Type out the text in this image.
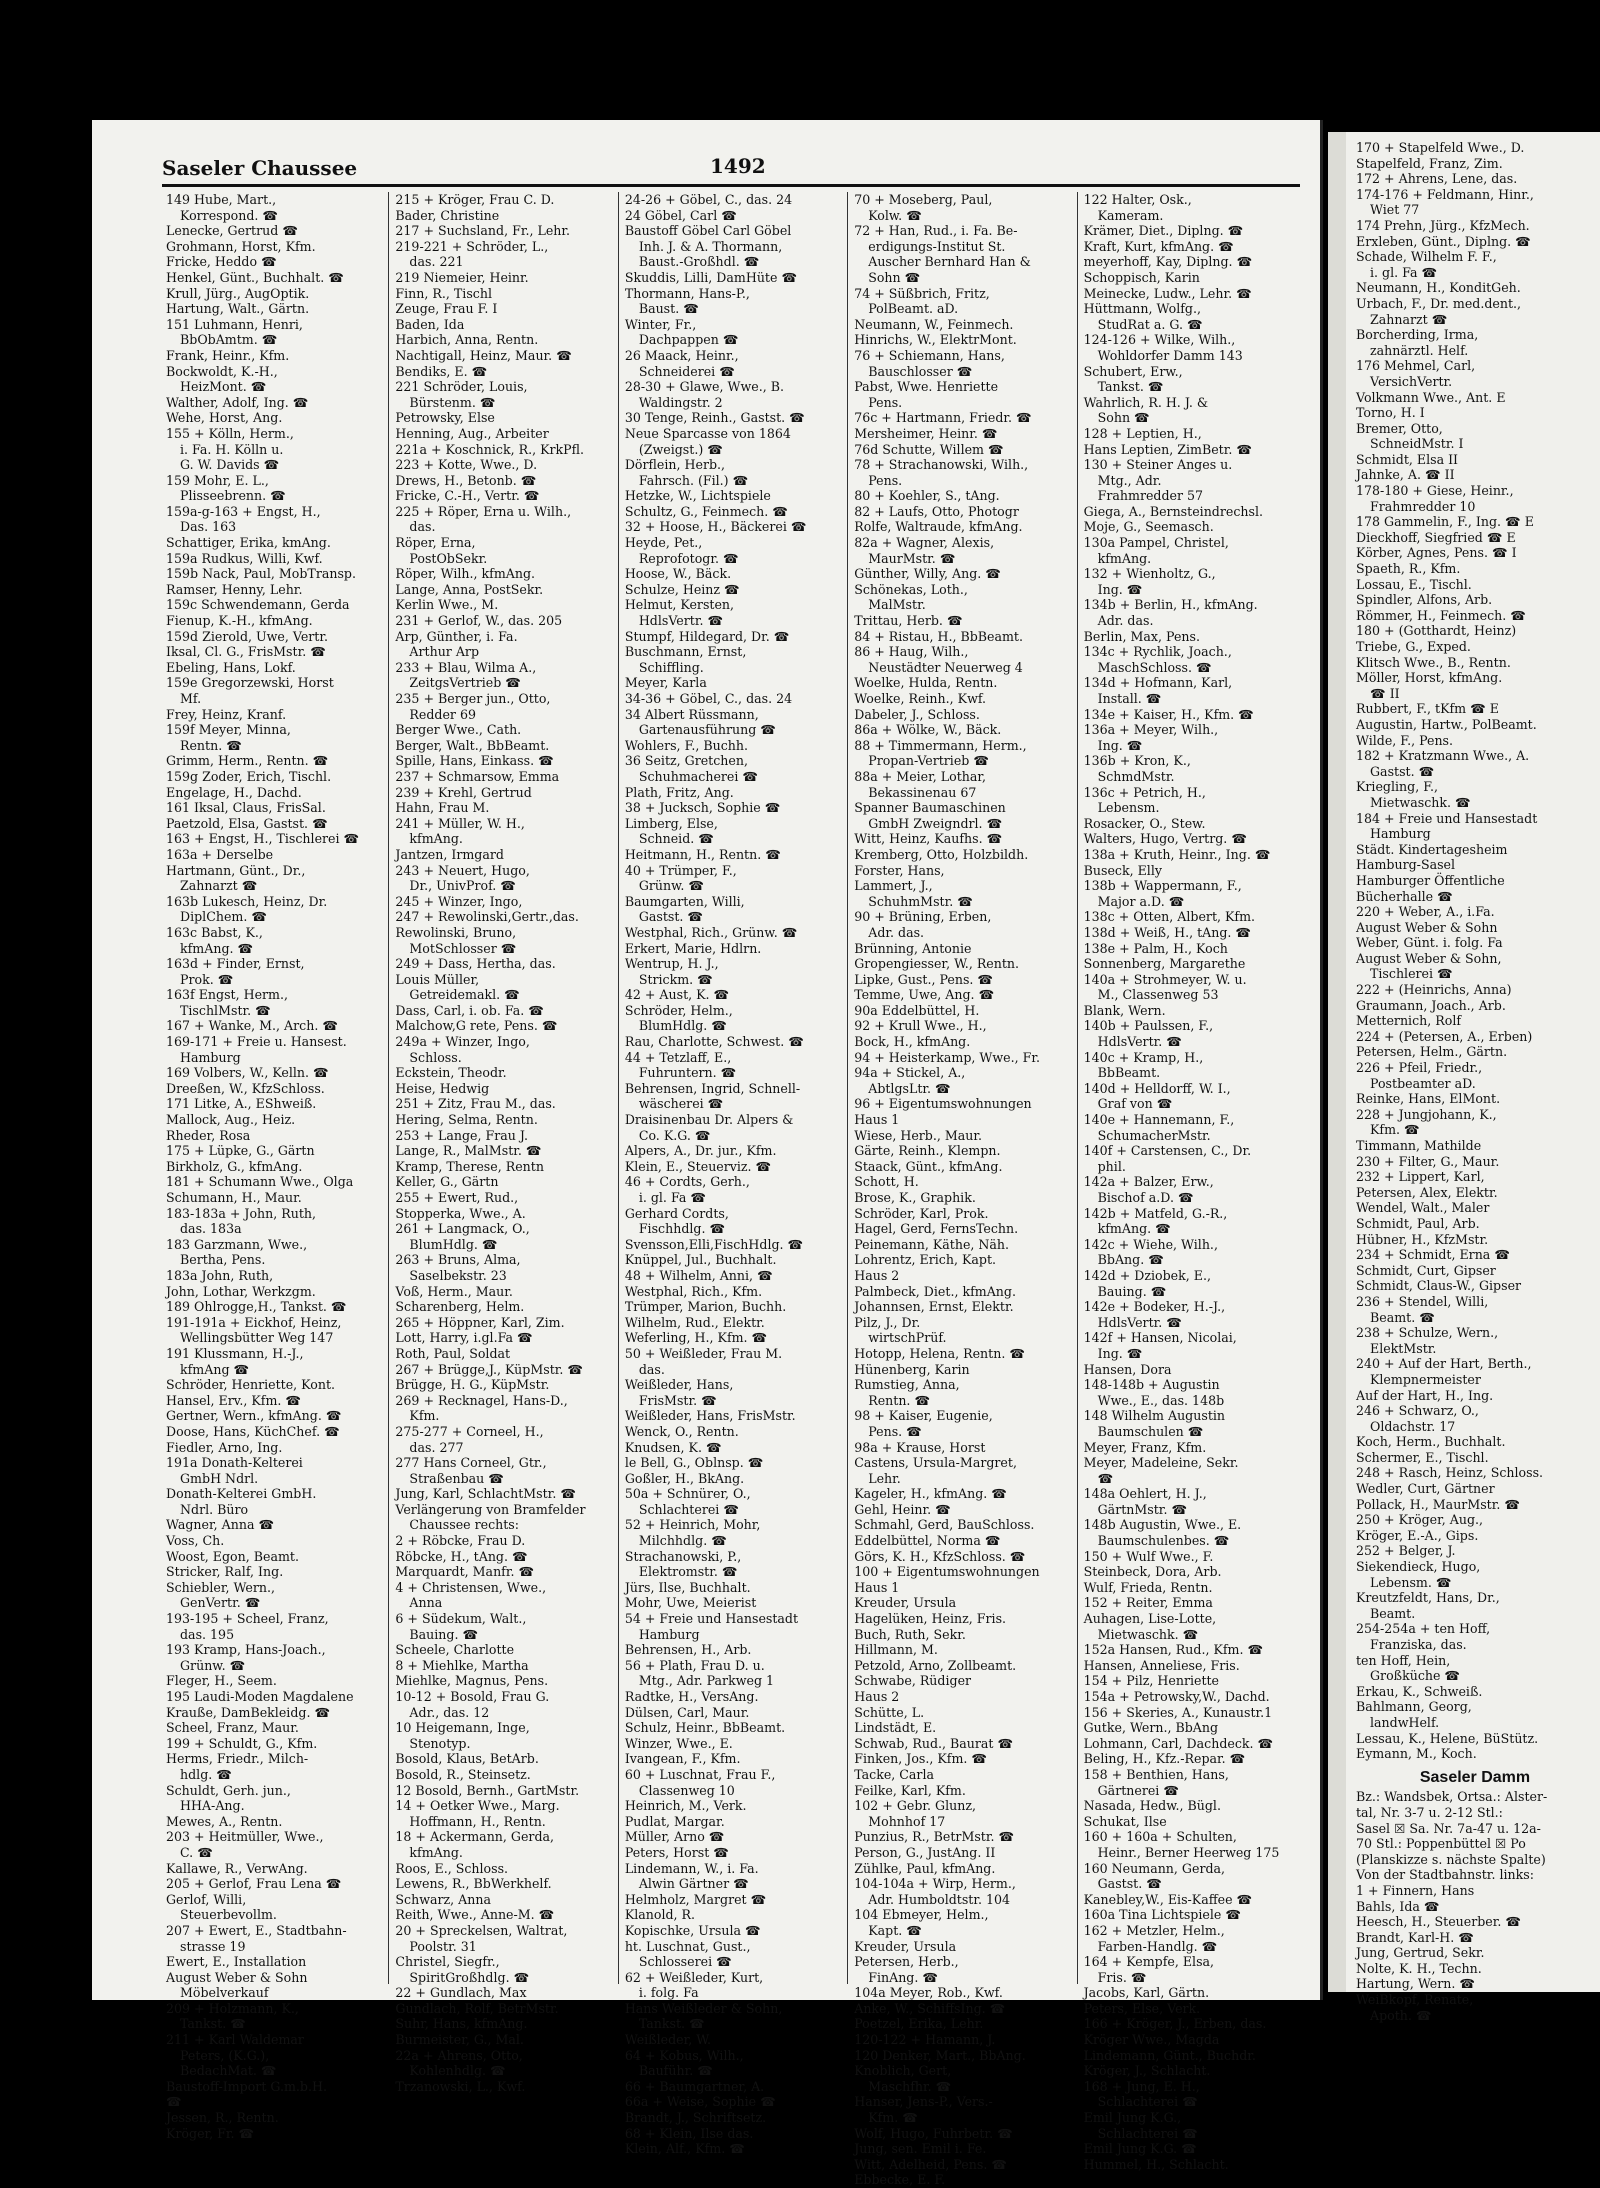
Saseler Chaussee	1492
149 Hube, Mart.,
Korrespond. ☎
Lenecke, Gertrud ☎
Grohmann, Horst, Kfm.
Fricke, Heddo ☎
Henkel, Günt., Buchhalt. ☎
Krull, Jürg., AugOptik.
Hartung, Walt., Gärtn.
151 Luhmann, Henri,
BbObAmtm. ☎
Frank, Heinr., Kfm.
Bockwoldt, K.-H.,
HeizMont. ☎
Walther, Adolf, Ing. ☎
Wehe, Horst, Ang.
155 + Kölln, Herm.,
i. Fa. H. Kölln u.
G. W. Davids ☎
159 Mohr, E. L.,
Plisseebrenn. ☎
159a-g-163 + Engst, H.,
Das. 163
Schattiger, Erika, kmAng.
159a Rudkus, Willi, Kwf.
159b Nack, Paul, MobTransp.
Ramser, Henny, Lehr.
159c Schwendemann, Gerda
Fienup, K.-H., kfmAng.
159d Zierold, Uwe, Vertr.
Iksal, Cl. G., FrisMstr. ☎
Ebeling, Hans, Lokf.
159e Gregorzewski, Horst
Mf.
Frey, Heinz, Kranf.
159f Meyer, Minna,
Rentn. ☎
Grimm, Herm., Rentn. ☎
159g Zoder, Erich, Tischl.
Engelage, H., Dachd.
161 Iksal, Claus, FrisSal.
Paetzold, Elsa, Gastst. ☎
163 + Engst, H., Tischlerei ☎
163a + Derselbe
Hartmann, Günt., Dr.,
Zahnarzt ☎
163b Lukesch, Heinz, Dr.
DiplChem. ☎
163c Babst, K.,
kfmAng. ☎
163d + Finder, Ernst,
Prok. ☎
163f Engst, Herm.,
TischlMstr. ☎
167 + Wanke, M., Arch. ☎
169-171 + Freie u. Hansest.
Hamburg
169 Volbers, W., Kelln. ☎
Dreeßen, W., KfzSchloss.
171 Litke, A., EShweiß.
Mallock, Aug., Heiz.
Rheder, Rosa
175 + Lüpke, G., Gärtn
Birkholz, G., kfmAng.
181 + Schumann Wwe., Olga
Schumann, H., Maur.
183-183a + John, Ruth,
das. 183a
183 Garzmann, Wwe.,
Bertha, Pens.
183a John, Ruth,
John, Lothar, Werkzgm.
189 Ohlrogge,H., Tankst. ☎
191-191a + Eickhof, Heinz,
Wellingsbütter Weg 147
191 Klussmann, H.-J.,
kfmAng ☎
Schröder, Henriette, Kont.
Hansel, Erv., Kfm. ☎
Gertner, Wern., kfmAng. ☎
Doose, Hans, KüchChef. ☎
Fiedler, Arno, Ing.
191a Donath-Kelterei
GmbH Ndrl.
Donath-Kelterei GmbH.
Ndrl. Büro
Wagner, Anna ☎
Voss, Ch.
Woost, Egon, Beamt.
Stricker, Ralf, Ing.
Schiebler, Wern.,
GenVertr. ☎
193-195 + Scheel, Franz,
das. 195
193 Kramp, Hans-Joach.,
Grünw. ☎
Fleger, H., Seem.
195 Laudi-Moden Magdalene
Krauße, DamBekleidg. ☎
Scheel, Franz, Maur.
199 + Schuldt, G., Kfm.
Herms, Friedr., Milch-
hdlg. ☎
Schuldt, Gerh. jun.,
HHA-Ang.
Mewes, A., Rentn.
203 + Heitmüller, Wwe.,
C. ☎
Kallawe, R., VerwAng.
205 + Gerlof, Frau Lena ☎
Gerlof, Willi,
Steuerbevollm.
207 + Ewert, E., Stadtbahn-
strasse 19
Ewert, E., Installation
August Weber & Sohn
Möbelverkauf
209 + Holzmann, K.,
Tankst. ☎
211 + Karl Waldemar
Peters, (K.G.),
BedachMat. ☎
Baustoff-Import G.m.b.H.
☎
Jessen, R., Rentn.
Kröger, Fr. ☎
215 + Kröger, Frau C. D.
Bader, Christine
217 + Suchsland, Fr., Lehr.
219-221 + Schröder, L.,
das. 221
219 Niemeier, Heinr.
Finn, R., Tischl
Zeuge, Frau F. I
Baden, Ida
Harbich, Anna, Rentn.
Nachtigall, Heinz, Maur. ☎
Bendiks, E. ☎
221 Schröder, Louis,
Bürstenm. ☎
Petrowsky, Else
Henning, Aug., Arbeiter
221a + Koschnick, R., KrkPfl.
223 + Kotte, Wwe., D.
Drews, H., Betonb. ☎
Fricke, C.-H., Vertr. ☎
225 + Röper, Erna u. Wilh.,
das.
Röper, Erna,
PostObSekr.
Röper, Wilh., kfmAng.
Lange, Anna, PostSekr.
Kerlin Wwe., M.
231 + Gerlof, W., das. 205
Arp, Günther, i. Fa.
Arthur Arp
233 + Blau, Wilma A.,
ZeitgsVertrieb ☎
235 + Berger jun., Otto,
Redder 69
Berger Wwe., Cath.
Berger, Walt., BbBeamt.
Spille, Hans, Einkass. ☎
237 + Schmarsow, Emma
239 + Krehl, Gertrud
Hahn, Frau M.
241 + Müller, W. H.,
kfmAng.
Jantzen, Irmgard
243 + Neuert, Hugo,
Dr., UnivProf. ☎
245 + Winzer, Ingo,
247 + Rewolinski,Gertr.,das.
Rewolinski, Bruno,
MotSchlosser ☎
249 + Dass, Hertha, das.
Louis Müller,
Getreidemakl. ☎
Dass, Carl, i. ob. Fa. ☎
Malchow,G rete, Pens. ☎
249a + Winzer, Ingo,
Schloss.
Eckstein, Theodr.
Heise, Hedwig
251 + Zitz, Frau M., das.
Hering, Selma, Rentn.
253 + Lange, Frau J.
Lange, R., MalMstr. ☎
Kramp, Therese, Rentn
Keller, G., Gärtn
255 + Ewert, Rud.,
Stopperka, Wwe., A.
261 + Langmack, O.,
BlumHdlg. ☎
263 + Bruns, Alma,
Saselbekstr. 23
Voß, Herm., Maur.
Scharenberg, Helm.
265 + Höppner, Karl, Zim.
Lott, Harry, i.gl.Fa ☎
Roth, Paul, Soldat
267 + Brügge,J., KüpMstr. ☎
Brügge, H. G., KüpMstr.
269 + Recknagel, Hans-D.,
Kfm.
275-277 + Corneel, H.,
das. 277
277 Hans Corneel, Gtr.,
Straßenbau ☎
Jung, Karl, SchlachtMstr. ☎
Verlängerung von Bramfelder
Chaussee rechts:
2 + Röbcke, Frau D.
Röbcke, H., tAng. ☎
Marquardt, Manfr. ☎
4 + Christensen, Wwe.,
Anna
6 + Südekum, Walt.,
Bauing. ☎
Scheele, Charlotte
8 + Miehlke, Martha
Miehlke, Magnus, Pens.
10-12 + Bosold, Frau G.
Adr., das. 12
10 Heigemann, Inge,
Stenotyp.
Bosold, Klaus, BetArb.
Bosold, R., Steinsetz.
12 Bosold, Bernh., GartMstr.
14 + Oetker Wwe., Marg.
Hoffmann, H., Rentn.
18 + Ackermann, Gerda,
kfmAng.
Roos, E., Schloss.
Lewens, R., BbWerkhelf.
Schwarz, Anna
Reith, Wwe., Anne-M. ☎
20 + Spreckelsen, Waltrat,
Poolstr. 31
Christel, Siegfr.,
SpiritGroßhdlg. ☎
22 + Gundlach, Max
Gundlach, Rolf, BetrMstr.
Suhr, Hans, kfmAng.
Burmeister, G., Mal.
22a + Ahrens, Otto,
Kohlenhdlg. ☎
Trzanowski, L., Kwf.
24-26 + Göbel, C., das. 24
24 Göbel, Carl ☎
Baustoff Göbel Carl Göbel
Inh. J. & A. Thormann,
Baust.-Großhdl. ☎
Skuddis, Lilli, DamHüte ☎
Thormann, Hans-P.,
Baust. ☎
Winter, Fr.,
Dachpappen ☎
26 Maack, Heinr.,
Schneiderei ☎
28-30 + Glawe, Wwe., B.
Waldingstr. 2
30 Tenge, Reinh., Gastst. ☎
Neue Sparcasse von 1864
(Zweigst.) ☎
Dörflein, Herb.,
Fahrsch. (Fil.) ☎
Hetzke, W., Lichtspiele
Schultz, G., Feinmech. ☎
32 + Hoose, H., Bäckerei ☎
Heyde, Pet.,
Reprofotogr. ☎
Hoose, W., Bäck.
Schulze, Heinz ☎
Helmut, Kersten,
HdlsVertr. ☎
Stumpf, Hildegard, Dr. ☎
Buschmann, Ernst,
Schiffling.
Meyer, Karla
34-36 + Göbel, C., das. 24
34 Albert Rüssmann,
Gartenausführung ☎
Wohlers, F., Buchh.
36 Seitz, Gretchen,
Schuhmacherei ☎
Plath, Fritz, Ang.
38 + Jucksch, Sophie ☎
Limberg, Else,
Schneid. ☎
Heitmann, H., Rentn. ☎
40 + Trümper, F.,
Grünw. ☎
Baumgarten, Willi,
Gastst. ☎
Westphal, Rich., Grünw. ☎
Erkert, Marie, Hdlrn.
Wentrup, H. J.,
Strickm. ☎
42 + Aust, K. ☎
Schröder, Helm.,
BlumHdlg. ☎
Rau, Charlotte, Schwest. ☎
44 + Tetzlaff, E.,
Fuhruntern. ☎
Behrensen, Ingrid, Schnell-
wäscherei ☎
Draisinenbau Dr. Alpers &
Co. K.G. ☎
Alpers, A., Dr. jur., Kfm.
Klein, E., Steuerviz. ☎
46 + Cordts, Gerh.,
i. gl. Fa ☎
Gerhard Cordts,
Fischhdlg. ☎
Svensson,Elli,FischHdlg. ☎
Knüppel, Jul., Buchhalt.
48 + Wilhelm, Anni, ☎
Westphal, Rich., Kfm.
Trümper, Marion, Buchh.
Wilhelm, Rud., Elektr.
Weferling, H., Kfm. ☎
50 + Weißleder, Frau M.
das.
Weißleder, Hans,
FrisMstr. ☎
Weißleder, Hans, FrisMstr.
Wenck, O., Rentn.
Knudsen, K. ☎
le Bell, G., Oblnsp. ☎
Goßler, H., BkAng.
50a + Schnürer, O.,
Schlachterei ☎
52 + Heinrich, Mohr,
Milchhdlg. ☎
Strachanowski, P.,
Elektromstr. ☎
Jürs, Ilse, Buchhalt.
Mohr, Uwe, Meierist
54 + Freie und Hansestadt
Hamburg
Behrensen, H., Arb.
56 + Plath, Frau D. u.
Mtg., Adr. Parkweg 1
Radtke, H., VersAng.
Dülsen, Carl, Maur.
Schulz, Heinr., BbBeamt.
Winzer, Wwe., E.
Ivangean, F., Kfm.
60 + Luschnat, Frau F.,
Classenweg 10
Heinrich, M., Verk.
Pudlat, Margar.
Müller, Arno ☎
Peters, Horst ☎
Lindemann, W., i. Fa.
Alwin Gärtner ☎
Helmholz, Margret ☎
Klanold, R.
Kopischke, Ursula ☎
ht. Luschnat, Gust.,
Schlosserei ☎
62 + Weißleder, Kurt,
i. folg. Fa
Hans Weißleder & Sohn,
Tankst. ☎
Weißleder, W.
64 + Kobus, Wilh.,
Bauführ. ☎
66 + Baumgartner, A.
66a + Weise, Sophie ☎
Brandt, J., Schriftsetz.
68 + Klein, Ilse das.
Klein, Alf., Kfm. ☎
70 + Moseberg, Paul,
Kolw. ☎
72 + Han, Rud., i. Fa. Be-
erdigungs-Institut St.
Auscher Bernhard Han &
Sohn ☎
74 + Süßbrich, Fritz,
PolBeamt. aD.
Neumann, W., Feinmech.
Hinrichs, W., ElektrMont.
76 + Schiemann, Hans,
Bauschlosser ☎
Pabst, Wwe. Henriette
Pens.
76c + Hartmann, Friedr. ☎
Mersheimer, Heinr. ☎
76d Schutte, Willem ☎
78 + Strachanowski, Wilh.,
Pens.
80 + Koehler, S., tAng.
82 + Laufs, Otto, Photogr
Rolfe, Waltraude, kfmAng.
82a + Wagner, Alexis,
MaurMstr. ☎
Günther, Willy, Ang. ☎
Schönekas, Loth.,
MalMstr.
Trittau, Herb. ☎
84 + Ristau, H., BbBeamt.
86 + Haug, Wilh.,
Neustädter Neuerweg 4
Woelke, Hulda, Rentn.
Woelke, Reinh., Kwf.
Dabeler, J., Schloss.
86a + Wölke, W., Bäck.
88 + Timmermann, Herm.,
Propan-Vertrieb ☎
88a + Meier, Lothar,
Bekassinenau 67
Spanner Baumaschinen
GmbH Zweigndrl. ☎
Witt, Heinz, Kaufhs. ☎
Kremberg, Otto, Holzbildh.
Forster, Hans,
Lammert, J.,
SchuhmMstr. ☎
90 + Brüning, Erben,
Adr. das.
Brünning, Antonie
Gropengiesser, W., Rentn.
Lipke, Gust., Pens. ☎
Temme, Uwe, Ang. ☎
90a Eddelbüttel, H.
92 + Krull Wwe., H.,
Bock, H., kfmAng.
94 + Heisterkamp, Wwe., Fr.
94a + Stickel, A.,
AbtlgsLtr. ☎
96 + Eigentumswohnungen
Haus 1
Wiese, Herb., Maur.
Gärte, Reinh., Klempn.
Staack, Günt., kfmAng.
Schott, H.
Brose, K., Graphik.
Schröder, Karl, Prok.
Hagel, Gerd, FernsTechn.
Peinemann, Käthe, Näh.
Lohrentz, Erich, Kapt.
Haus 2
Palmbeck, Diet., kfmAng.
Johannsen, Ernst, Elektr.
Pilz, J., Dr.
wirtschPrüf.
Hotopp, Helena, Rentn. ☎
Hünenberg, Karin
Rumstieg, Anna,
Rentn. ☎
98 + Kaiser, Eugenie,
Pens. ☎
98a + Krause, Horst
Castens, Ursula-Margret,
Lehr.
Kageler, H., kfmAng. ☎
Gehl, Heinr. ☎
Schmahl, Gerd, BauSchloss.
Eddelbüttel, Norma ☎
Görs, K. H., KfzSchloss. ☎
100 + Eigentumswohnungen
Haus 1
Kreuder, Ursula
Hagelüken, Heinz, Fris.
Buch, Ruth, Sekr.
Hillmann, M.
Petzold, Arno, Zollbeamt.
Schwabe, Rüdiger
Haus 2
Schütte, L.
Lindstädt, E.
Schwab, Rud., Baurat ☎
Finken, Jos., Kfm. ☎
Tacke, Carla
Feilke, Karl, Kfm.
102 + Gebr. Glunz,
Mohnhof 17
Punzius, R., BetrMstr. ☎
Person, G., JustAng. II
Zühlke, Paul, kfmAng.
104-104a + Wirp, Herm.,
Adr. Humboldtstr. 104
104 Ebmeyer, Helm.,
Kapt. ☎
Kreuder, Ursula
Petersen, Herb.,
FinAng. ☎
104a Meyer, Rob., Kwf.
Anke, W., SchiffsIng. ☎
Poetzel, Erika, Lehr.
120-122 + Hamann, J.
120 Denker, Mart., BbAng.
Knoblich, Gert,
Maschfhr. ☎
Hanser, Jens-P., Vers.-
Kfm. ☎
Wolf, Hugo, Fuhrbetr. ☎
Jung, sen. Emil i. Fe.
Witt, Adelheid, Pens. ☎
Ebbecke, E. F.
122 Halter, Osk.,
Kameram.
Krämer, Diet., Diplng. ☎
Kraft, Kurt, kfmAng. ☎
meyerhoff, Kay, Diplng. ☎
Schoppisch, Karin
Meinecke, Ludw., Lehr. ☎
Hüttmann, Wolfg.,
StudRat a. G. ☎
124-126 + Wilke, Wilh.,
Wohldorfer Damm 143
Schubert, Erw.,
Tankst. ☎
Wahrlich, R. H. J. &
Sohn ☎
128 + Leptien, H.,
Hans Leptien, ZimBetr. ☎
130 + Steiner Anges u.
Mtg., Adr.
Frahmredder 57
Giega, A., Bernsteindrechsl.
Moje, G., Seemasch.
130a Pampel, Christel,
kfmAng.
132 + Wienholtz, G.,
Ing. ☎
134b + Berlin, H., kfmAng.
Adr. das.
Berlin, Max, Pens.
134c + Rychlik, Joach.,
MaschSchloss. ☎
134d + Hofmann, Karl,
Install. ☎
134e + Kaiser, H., Kfm. ☎
136a + Meyer, Wilh.,
Ing. ☎
136b + Kron, K.,
SchmdMstr.
136c + Petrich, H.,
Lebensm.
Rosacker, O., Stew.
Walters, Hugo, Vertrg. ☎
138a + Kruth, Heinr., Ing. ☎
Buseck, Elly
138b + Wappermann, F.,
Major a.D. ☎
138c + Otten, Albert, Kfm.
138d + Weiß, H., tAng. ☎
138e + Palm, H., Koch
Sonnenberg, Margarethe
140a + Strohmeyer, W. u.
M., Classenweg 53
Blank, Wern.
140b + Paulssen, F.,
HdlsVertr. ☎
140c + Kramp, H.,
BbBeamt.
140d + Helldorff, W. I.,
Graf von ☎
140e + Hannemann, F.,
SchumacherMstr.
140f + Carstensen, C., Dr.
phil.
142a + Balzer, Erw.,
Bischof a.D. ☎
142b + Matfeld, G.-R.,
kfmAng. ☎
142c + Wiehe, Wilh.,
BbAng. ☎
142d + Dziobek, E.,
Bauing. ☎
142e + Bodeker, H.-J.,
HdlsVertr. ☎
142f + Hansen, Nicolai,
Ing. ☎
Hansen, Dora
148-148b + Augustin
Wwe., E., das. 148b
148 Wilhelm Augustin
Baumschulen ☎
Meyer, Franz, Kfm.
Meyer, Madeleine, Sekr.
☎
148a Oehlert, H. J.,
GärtnMstr. ☎
148b Augustin, Wwe., E.
Baumschulenbes. ☎
150 + Wulf Wwe., F.
Steinbeck, Dora, Arb.
Wulf, Frieda, Rentn.
152 + Reiter, Emma
Auhagen, Lise-Lotte,
Mietwaschk. ☎
152a Hansen, Rud., Kfm. ☎
Hansen, Anneliese, Fris.
154 + Pilz, Henriette
154a + Petrowsky,W., Dachd.
156 + Skeries, A., Kunaustr.1
Gutke, Wern., BbAng
Lohmann, Carl, Dachdeck. ☎
Beling, H., Kfz.-Repar. ☎
158 + Benthien, Hans,
Gärtnerei ☎
Nasada, Hedw., Bügl.
Schukat, Ilse
160 + 160a + Schulten,
Heinr., Berner Heerweg 175
160 Neumann, Gerda,
Gastst. ☎
Kanebley,W., Eis-Kaffee ☎
160a Tina Lichtspiele ☎
162 + Metzler, Helm.,
Farben-Handlg. ☎
164 + Kempfe, Elsa,
Fris. ☎
Jacobs, Karl, Gärtn.
Peters, Else, Verk.
166 + Kröger, J., Erben, das.
Kröger Wwe., Magda
Lindemann, Günt., Buchdr.
Kröger, J., Schlacht.
168 + Jung, E. H.,
Schlachterei ☎
Emil Jung K.G.,
Schlachterei ☎
Emil Jung K.G. ☎
Hummel, H., Schlacht.
170 + Stapelfeld Wwe., D.
Stapelfeld, Franz, Zim.
172 + Ahrens, Lene, das.
174-176 + Feldmann, Hinr.,
Wiet 77
174 Prehn, Jürg., KfzMech.
Erxleben, Günt., Diplng. ☎
Schade, Wilhelm F. F.,
i. gl. Fa ☎
Neumann, H., KonditGeh.
Urbach, F., Dr. med.dent.,
Zahnarzt ☎
Borcherding, Irma,
zahnärztl. Helf.
176 Mehmel, Carl,
VersichVertr.
Volkmann Wwe., Ant. E
Torno, H. I
Bremer, Otto,
SchneidMstr. I
Schmidt, Elsa II
Jahnke, A. ☎ II
178-180 + Giese, Heinr.,
Frahmredder 10
178 Gammelin, F., Ing. ☎ E
Dieckhoff, Siegfried ☎ E
Körber, Agnes, Pens. ☎ I
Spaeth, R., Kfm.
Lossau, E., Tischl.
Spindler, Alfons, Arb.
Römmer, H., Feinmech. ☎
180 + (Gotthardt, Heinz)
Triebe, G., Exped.
Klitsch Wwe., B., Rentn.
Möller, Horst, kfmAng.
☎ II
Rubbert, F., tKfm ☎ E
Augustin, Hartw., PolBeamt.
Wilde, F., Pens.
182 + Kratzmann Wwe., A.
Gastst. ☎
Kriegling, F.,
Mietwaschk. ☎
184 + Freie und Hansestadt
Hamburg
Städt. Kindertagesheim
Hamburg-Sasel
Hamburger Öffentliche
Bücherhalle ☎
220 + Weber, A., i.Fa.
August Weber & Sohn
Weber, Günt. i. folg. Fa
August Weber & Sohn,
Tischlerei ☎
222 + (Heinrichs, Anna)
Graumann, Joach., Arb.
Metternich, Rolf
224 + (Petersen, A., Erben)
Petersen, Helm., Gärtn.
226 + Pfeil, Friedr.,
Postbeamter aD.
Reinke, Hans, ElMont.
228 + Jungjohann, K.,
Kfm. ☎
Timmann, Mathilde
230 + Filter, G., Maur.
232 + Lippert, Karl,
Petersen, Alex, Elektr.
Wendel, Walt., Maler
Schmidt, Paul, Arb.
Hübner, H., KfzMstr.
234 + Schmidt, Erna ☎
Schmidt, Curt, Gipser
Schmidt, Claus-W., Gipser
236 + Stendel, Willi,
Beamt. ☎
238 + Schulze, Wern.,
ElektMstr.
240 + Auf der Hart, Berth.,
Klempnermeister
Auf der Hart, H., Ing.
246 + Schwarz, O.,
Oldachstr. 17
Koch, Herm., Buchhalt.
Schermer, E., Tischl.
248 + Rasch, Heinz, Schloss.
Wedler, Curt, Gärtner
Pollack, H., MaurMstr. ☎
250 + Kröger, Aug.,
Kröger, E.-A., Gips.
252 + Belger, J.
Siekendieck, Hugo,
Lebensm. ☎
Kreutzfeldt, Hans, Dr.,
Beamt.
254-254a + ten Hoff,
Franziska, das.
ten Hoff, Hein,
Großküche ☎
Erkau, K., Schweiß.
Bahlmann, Georg,
landwHelf.
Lessau, K., Helene, BüStütz.
Eymann, M., Koch.
Saseler Damm
Bz.: Wandsbek, Ortsa.: Alster-
tal, Nr. 3-7 u. 2-12 Stl.:
Sasel ☒ Sa. Nr. 7a-47 u. 12a-
70 Stl.: Poppenbüttel ☒ Po
(Planskizze s. nächste Spalte)
Von der Stadtbahnstr. links:
1 + Finnern, Hans
Bahls, Ida ☎
Heesch, H., Steuerber. ☎
Brandt, Karl-H. ☎
Jung, Gertrud, Sekr.
Nolte, K. H., Techn.
Hartung, Wern. ☎
WeiBkopf, Renate,
Apoth. ☎
